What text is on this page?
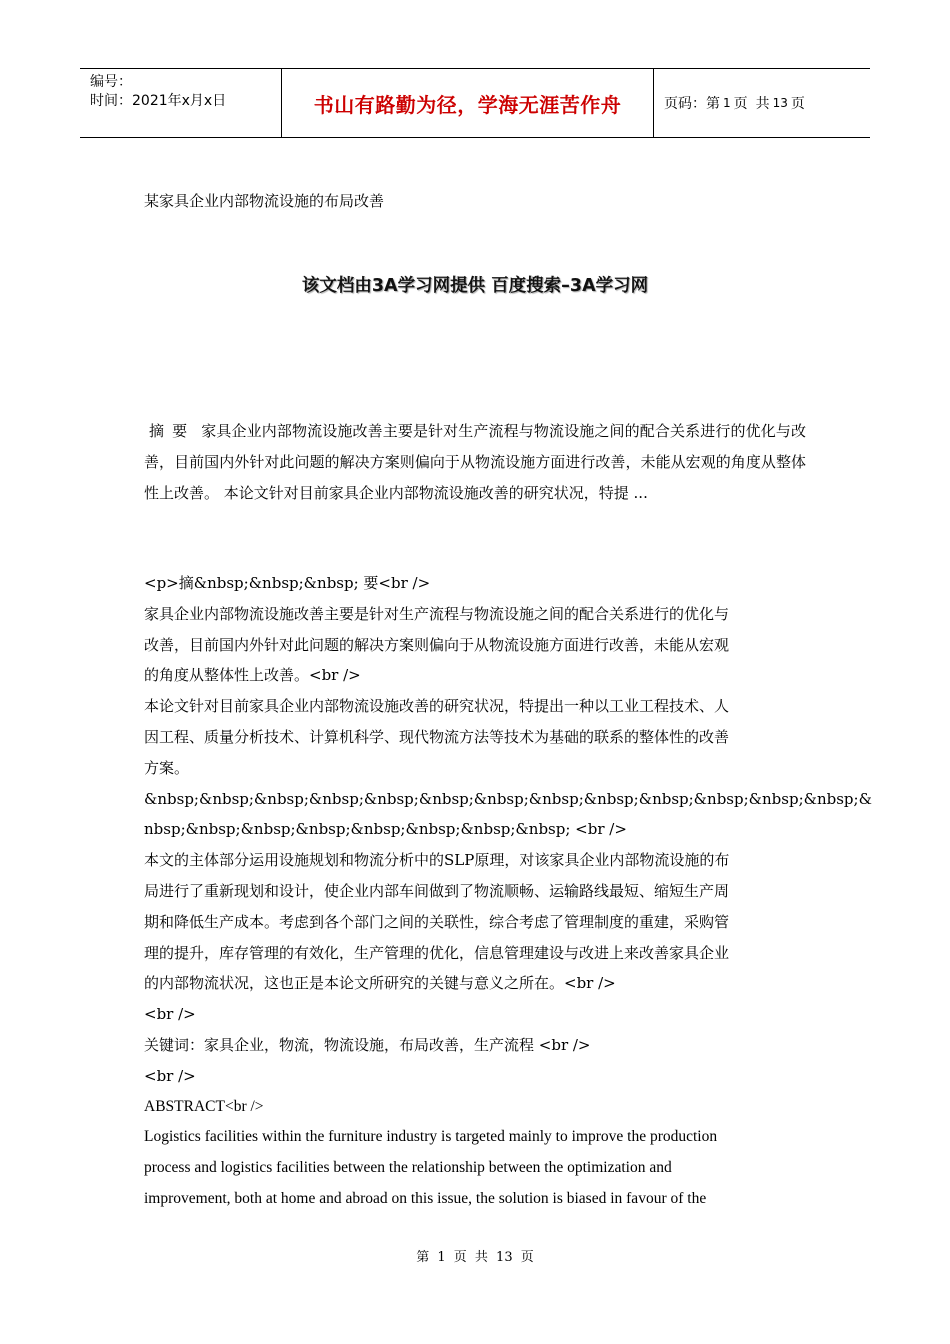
编号：
时间：2021年x月x日	书山有路勤为径，学海无涯苦作舟	页码：第 1 页 共 13 页
某家具企业内部物流设施的布局改善
该文档由3A学习网提供 百度搜索–3A学习网

摘 要 家具企业内部物流设施改善主要是针对生产流程与物流设施之间的配合关系进行的优化与改善，目前国内外针对此问题的解决方案则偏向于从物流设施方面进行改善，未能从宏观的角度从整体性上改善。 本论文针对目前家具企业内部物流设施改善的研究状况，特提 ...

<p>摘&nbsp;&nbsp;&nbsp; 要<br />

家具企业内部物流设施改善主要是针对生产流程与物流设施之间的配合关系进行的优化与

改善，目前国内外针对此问题的解决方案则偏向于从物流设施方面进行改善，未能从宏观

的角度从整体性上改善。<br />

本论文针对目前家具企业内部物流设施改善的研究状况，特提出一种以工业工程技术、人

因工程、质量分析技术、计算机科学、现代物流方法等技术为基础的联系的整体性的改善

方案。

&nbsp;&nbsp;&nbsp;&nbsp;&nbsp;&nbsp;&nbsp;&nbsp;&nbsp;&nbsp;&nbsp;&nbsp;&nbsp;&

nbsp;&nbsp;&nbsp;&nbsp;&nbsp;&nbsp;&nbsp;&nbsp; <br />

本文的主体部分运用设施规划和物流分析中的SLP原理，对该家具企业内部物流设施的布

局进行了重新现划和设计，使企业内部车间做到了物流顺畅、运输路线最短、缩短生产周

期和降低生产成本。考虑到各个部门之间的关联性，综合考虑了管理制度的重建，采购管

理的提升，库存管理的有效化，生产管理的优化，信息管理建设与改进上来改善家具企业

的内部物流状况，这也正是本论文所研究的关键与意义之所在。<br />

<br />

关键词：家具企业，物流，物流设施，布局改善，生产流程 <br />

<br />

ABSTRACT<br />

Logistics facilities within the furniture industry is targeted mainly to improve the production

process and logistics facilities between the relationship between the optimization and

improvement, both at home and abroad on this issue, the solution is biased in favour of the

第 1 页 共 13 页
